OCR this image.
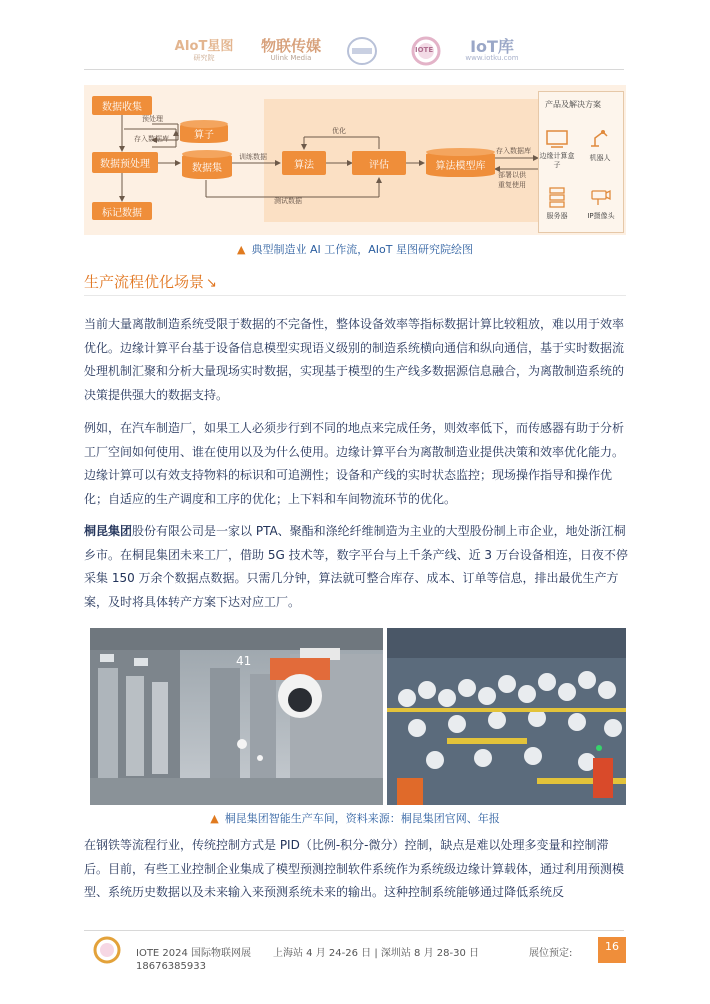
AIoT星图
研究院
物联传媒
Ulink Media
IOTE IoT库
www.iotku.com
数据收集
数据预处理
标记数据
算子
数据集	算法	评估	算法模型库
预处理
存入数据库
训练数据
优化
测试数据
存入数据库
部署以供
重复使用
产品及解决方案
边缘计算盒子
机器人
服务器	IP摄像头
▲ 典型制造业 AI 工作流，AIoT 星图研究院绘图
生产流程优化场景 ↘
当前大量离散制造系统受限于数据的不完备性，整体设备效率等指标数据计算比较粗放，难以用于效率优化。边缘计算平台基于设备信息模型实现语义级别的制造系统横向通信和纵向通信，基于实时数据流处理机制汇聚和分析大量现场实时数据，实现基于模型的生产线多数据源信息融合，为离散制造系统的决策提供强大的数据支持。
例如，在汽车制造厂，如果工人必须步行到不同的地点来完成任务，则效率低下，而传感器有助于分析工厂空间如何使用、谁在使用以及为什么使用。边缘计算平台为离散制造业提供决策和效率优化能力。边缘计算可以有效支持物料的标识和可追溯性；设备和产线的实时状态监控；现场操作指导和操作优化；自适应的生产调度和工序的优化；上下料和车间物流环节的优化。
桐昆集团股份有限公司是一家以 PTA、聚酯和涤纶纤维制造为主业的大型股份制上市企业，地处浙江桐乡市。在桐昆集团未来工厂，借助 5G 技术等，数字平台与上千条产线、近 3 万台设备相连，日夜不停采集 150 万余个数据点数据。只需几分钟，算法就可整合库存、成本、订单等信息，排出最优生产方案，及时将具体转产方案下达对应工厂。
41
▲ 桐昆集团智能生产车间，资料来源：桐昆集团官网、年报
在钢铁等流程行业，传统控制方式是 PID（比例-积分-微分）控制，缺点是难以处理多变量和控制滞后。目前，有些工业控制企业集成了模型预测控制软件系统作为系统级边缘计算载体，通过利用预测模型、系统历史数据以及未来输入来预测系统未来的输出。这种控制系统能够通过降低系统反
IOTE 2024 国际物联网展 上海站 4 月 24-26 日 | 深圳站 8 月 28-30 日	展位预定:
18676385933
16
